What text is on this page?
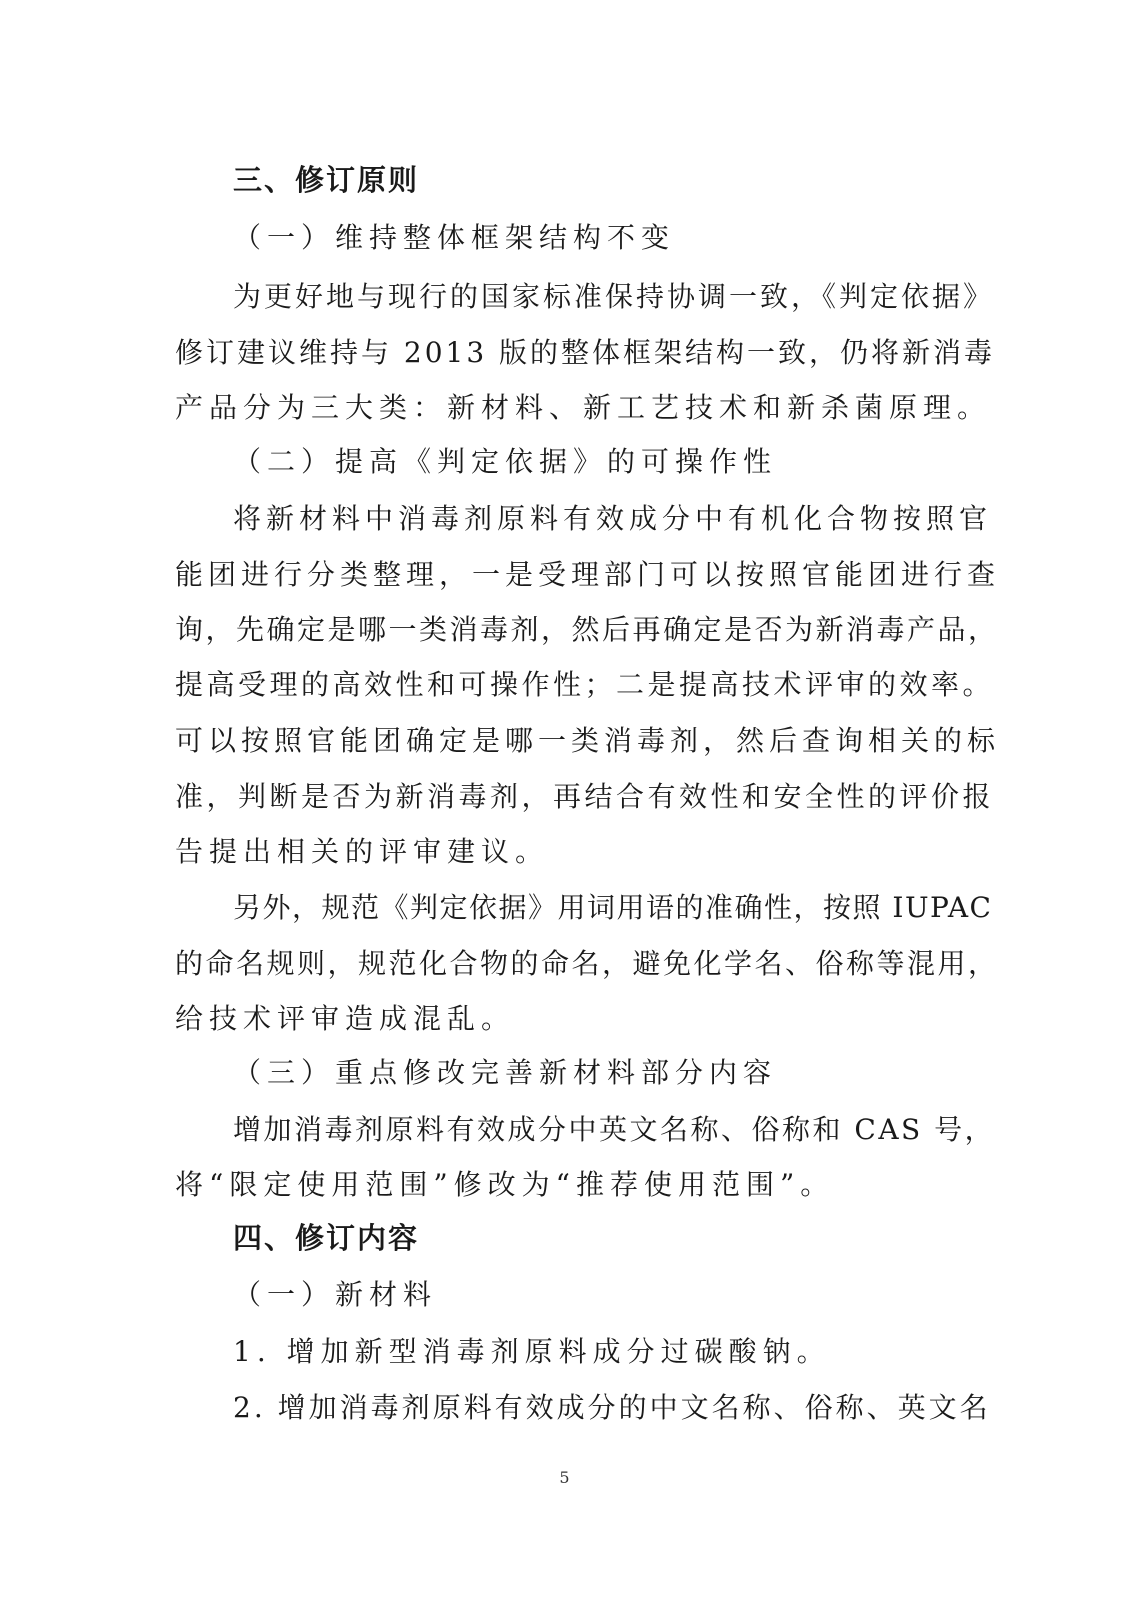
三、修订原则
（一）维持整体框架结构不变
为更好地与现行的国家标准保持协调一致，《判定依据》
修订建议维持与 2013 版的整体框架结构一致，仍将新消毒
产品分为三大类：新材料、新工艺技术和新杀菌原理。
（二）提高《判定依据》的可操作性
将新材料中消毒剂原料有效成分中有机化合物按照官
能团进行分类整理，一是受理部门可以按照官能团进行查
询，先确定是哪一类消毒剂，然后再确定是否为新消毒产品，
提高受理的高效性和可操作性；二是提高技术评审的效率。
可以按照官能团确定是哪一类消毒剂，然后查询相关的标
准，判断是否为新消毒剂，再结合有效性和安全性的评价报
告提出相关的评审建议。
另外，规范《判定依据》用词用语的准确性，按照 IUPAC
的命名规则，规范化合物的命名，避免化学名、俗称等混用，
给技术评审造成混乱。
（三）重点修改完善新材料部分内容
增加消毒剂原料有效成分中英文名称、俗称和 CAS 号，
将“限定使用范围”修改为“推荐使用范围”。
四、修订内容
（一）新材料
1. 增加新型消毒剂原料成分过碳酸钠。
2. 增加消毒剂原料有效成分的中文名称、俗称、英文名
5
